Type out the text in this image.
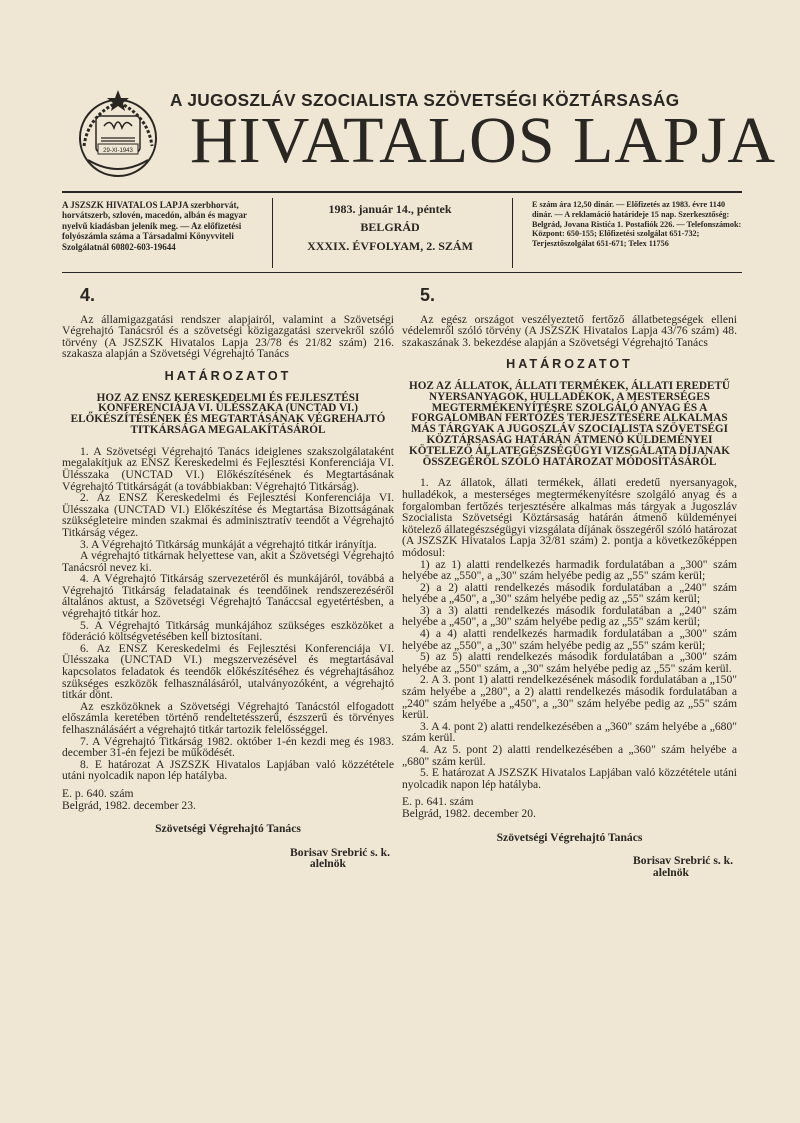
29-XI-1943
A JUGOSZLÁV SZOCIALISTA SZÖVETSÉGI KÖZTÁRSASÁG
HIVATALOS LAPJA
A JSZSZK HIVATALOS LAPJA szerbhorvát, horvátszerb, szlovén, macedón, albán és magyar nyelvű kiadásban jelenik meg. — Az előfizetési folyószámla száma a Társadalmi Könyvviteli Szolgálatnál 60802-603-19644
1983. január 14., péntek
BELGRÁD
XXXIX. ÉVFOLYAM, 2. SZÁM
E szám ára 12,50 dinár. — Előfizetés az 1983. évre 1140 dinár. — A reklamáció határideje 15 nap. Szerkesztőség: Belgrád, Jovana Ristića 1. Postafiók 226. — Telefonszámok: Központ: 650-155; Előfizetési szolgálat 651-732; Terjesztőszolgálat 651-671; Telex 11756
4.

Az államigazgatási rendszer alapjairól, valamint a Szövetségi Végrehajtó Tanácsról és a szövetségi közigazgatási szervekről szóló törvény (A JSZSZK Hivatalos Lapja 23/78 és 21/82 szám) 216. szakasza alapján a Szövetségi Végrehajtó Tanács

HATÁROZATOT
HOZ AZ ENSZ KERESKEDELMI ÉS FEJLESZTÉSI KONFERENCIÁJA VI. ÜLÉSSZAKA (UNCTAD VI.) ELŐKÉSZÍTÉSÉNEK ÉS MEGTARTÁSÁNAK VÉGREHAJTÓ TITKÁRSÁGA MEGALAKÍTÁSÁRÓL

1. A Szövetségi Végrehajtó Tanács ideiglenes szakszolgálataként megalakítjuk az ENSZ Kereskedelmi és Fejlesztési Konferenciája VI. Ülésszaka (UNCTAD VI.) Előkészítésének és Megtartásának Végrehajtó Ttitkárságát (a továbbiakban: Végrehajtó Titkárság).

2. Az ENSZ Kereskedelmi és Fejlesztési Konferenciája VI. Ülésszaka (UNCTAD VI.) Előkészítése és Megtartása Bizottságának szükségleteire minden szakmai és adminisztratív teendőt a Végrehajtó Titkárság végez.

3. A Végrehajtó Titkárság munkáját a végrehajtó titkár irányítja.

A végrehajtó titkárnak helyettese van, akit a Szövetségi Végrehajtó Tanácsról nevez ki.

4. A Végrehajtó Titkárság szervezetéről és munkájáról, továbbá a Végrehajtó Titkárság feladatainak és teendőinek rendszerezéséről általános aktust, a Szövetségi Végrehajtó Tanáccsal egyetértésben, a végrehajtó titkár hoz.

5. A Végrehajtó Titkárság munkájához szükséges eszközöket a föderáció költségvetésében kell biztosítani.

6. Az ENSZ Kereskedelmi és Fejlesztési Konferenciája VI. Ülésszaka (UNCTAD VI.) megszervezésével és megtartásával kapcsolatos feladatok és teendők előkészítéséhez és végrehajtásához szükséges eszközök felhasználásáról, utalványozóként, a végrehajtó titkár dönt.

Az eszközöknek a Szövetségi Végrehajtó Tanácstól elfogadott előszámla keretében történő rendeltetésszerű, észszerű és törvényes felhasználásáért a végrehajtó titkár tartozik felelősséggel.

7. A Végrehajtó Titkárság 1982. október 1-én kezdi meg és 1983. december 31-én fejezi be működését.

8. E határozat A JSZSZK Hivatalos Lapjában való közzététele utáni nyolcadik napon lép hatályba.

E. p. 640. szám

Belgrád, 1982. december 23.

Szövetségi Végrehajtó Tanács
Borisav Srebrić s. k.
alelnök
5.

Az egész országot veszélyeztető fertőző állatbetegségek elleni védelemről szóló törvény (A JSZSZK Hivatalos Lapja 43/76 szám) 48. szakaszának 3. bekezdése alapján a Szövetségi Végrehajtó Tanács

HATÁROZATOT
HOZ AZ ÁLLATOK, ÁLLATI TERMÉKEK, ÁLLATI EREDETŰ NYERSANYAGOK, HULLADÉKOK, A MESTERSÉGES MEGTERMÉKENYÍTÉSRE SZOLGÁLÓ ANYAG ÉS A FORGALOMBAN FERTŐZÉS TERJESZTÉSÉRE ALKALMAS MÁS TÁRGYAK A JUGOSZLÁV SZOCIALISTA SZÖVETSÉGI KÖZTÁRSASÁG HATÁRÁN ÁTMENŐ KÜLDEMÉNYEI KÖTELEZŐ ÁLLATEGÉSZSÉGÜGYI VIZSGÁLATA DÍJANAK ÖSSZEGÉRŐL SZÓLÓ HATÁROZAT MÓDOSÍTÁSÁRÓL

1. Az állatok, állati termékek, állati eredetű nyersanyagok, hulladékok, a mesterséges megtermékenyítésre szolgáló anyag és a forgalomban fertőzés terjesztésére alkalmas más tárgyak a Jugoszláv Szocialista Szövetségi Köztársaság határán átmenő küldeményei kötelező állategészségügyi vizsgálata díjának összegéről szóló határozat (A JSZSZK Hivatalos Lapja 32/81 szám) 2. pontja a következőképpen módosul:

1) az 1) alatti rendelkezés harmadik fordulatában a „300" szám helyébe az „550", a „30" szám helyébe pedig az „55" szám kerül;

2) a 2) alatti rendelkezés második fordulatában a „240" szám helyébe a „450", a „30" szám helyébe pedig az „55" szám kerül;

3) a 3) alatti rendelkezés második fordulatában a „240" szám helyébe a „450", a „30" szám helyébe pedig az „55" szám kerül;

4) a 4) alatti rendelkezés harmadik fordulatában a „300" szám helyébe az „550", a „30" szám helyébe pedig az „55" szám kerül;

5) az 5) alatti rendelkezés második fordulatában a „300" szám helyébe az „550" szám, a „30" szám helyébe pedig az „55" szám kerül.

2. A 3. pont 1) alatti rendelkezésének második fordulatában a „150" szám helyébe a „280", a 2) alatti rendelkezés második fordulatában a „240" szám helyébe a „450", a „30" szám helyébe pedig az „55" szám kerül.

3. A 4. pont 2) alatti rendelkezésében a „360" szám helyébe a „680" szám kerül.

4. Az 5. pont 2) alatti rendelkezésében a „360" szám helyébe a „680" szám kerül.

5. E határozat A JSZSZK Hivatalos Lapjában való közzététele utáni nyolcadik napon lép hatályba.

E. p. 641. szám

Belgrád, 1982. december 20.

Szövetségi Végrehajtó Tanács
Borisav Srebrić s. k.
alelnök
